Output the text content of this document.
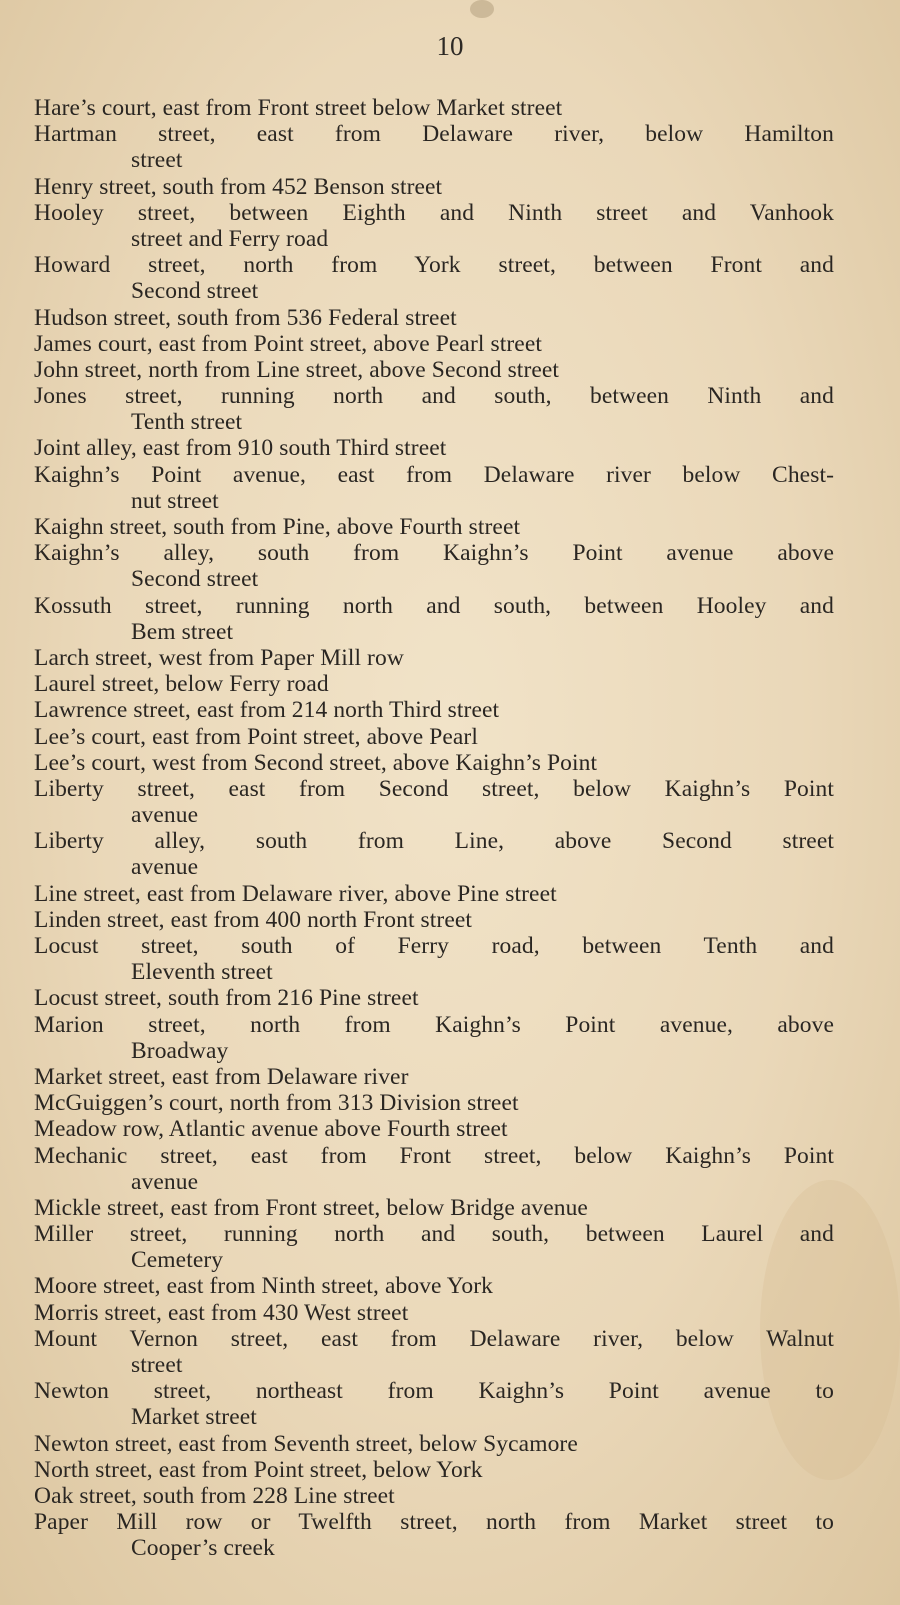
10
Hare’s court, east from Front street below Market street
Hartman street, east from Delaware river, below Hamilton
street
Henry street, south from 452 Benson street
Hooley street, between Eighth and Ninth street and Vanhook
street and Ferry road
Howard street, north from York street, between Front and
Second street
Hudson street, south from 536 Federal street
James court, east from Point street, above Pearl street
John street, north from Line street, above Second street
Jones street, running north and south, between Ninth and
Tenth street
Joint alley, east from 910 south Third street
Kaighn’s Point avenue, east from Delaware river below Chest-
nut street
Kaighn street, south from Pine, above Fourth street
Kaighn’s alley, south from Kaighn’s Point avenue above
Second street
Kossuth street, running north and south, between Hooley and
Bem street
Larch street, west from Paper Mill row
Laurel street, below Ferry road
Lawrence street, east from 214 north Third street
Lee’s court, east from Point street, above Pearl
Lee’s court, west from Second street, above Kaighn’s Point
Liberty street, east from Second street, below Kaighn’s Point
avenue
Liberty alley, south from Line, above Second street
avenue
Line street, east from Delaware river, above Pine street
Linden street, east from 400 north Front street
Locust street, south of Ferry road, between Tenth and
Eleventh street
Locust street, south from 216 Pine street
Marion street, north from Kaighn’s Point avenue, above
Broadway
Market street, east from Delaware river
McGuiggen’s court, north from 313 Division street
Meadow row, Atlantic avenue above Fourth street
Mechanic street, east from Front street, below Kaighn’s Point
avenue
Mickle street, east from Front street, below Bridge avenue
Miller street, running north and south, between Laurel and
Cemetery
Moore street, east from Ninth street, above York
Morris street, east from 430 West street
Mount Vernon street, east from Delaware river, below Walnut
street
Newton street, northeast from Kaighn’s Point avenue to
Market street
Newton street, east from Seventh street, below Sycamore
North street, east from Point street, below York
Oak street, south from 228 Line street
Paper Mill row or Twelfth street, north from Market street to
Cooper’s creek
